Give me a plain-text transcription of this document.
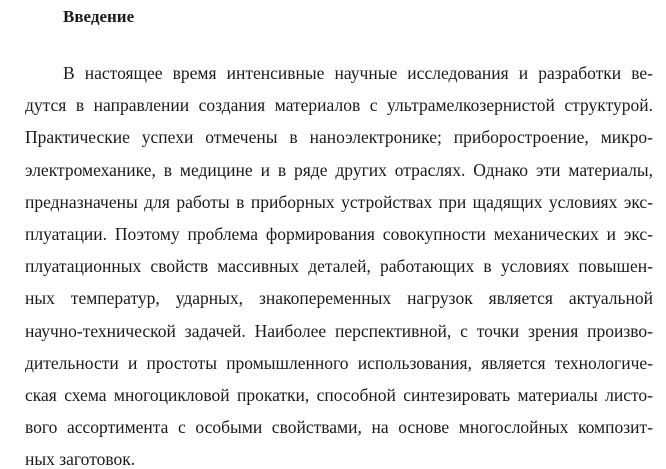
Введение

В настоящее время интенсивные научные исследования и разработки ве-

дутся в направлении создания материалов с ультрамелкозернистой структурой.

Практические успехи отмечены в наноэлектронике; приборостроение, микро-

электромеханике, в медицине и в ряде других отраслях. Однако эти материалы,

предназначены для работы в приборных устройствах при щадящих условиях экс-

плуатации. Поэтому проблема формирования совокупности механических и экс-

плуатационных свойств массивных деталей, работающих в условиях повышен-

ных температур, ударных, знакопеременных нагрузок является актуальной

научно-технической задачей. Наиболее перспективной, с точки зрения произво-

дительности и простоты промышленного использования, является технологиче-

ская схема многоцикловой прокатки, способной синтезировать материалы листо-

вого ассортимента с особыми свойствами, на основе многослойных композит-

ных заготовок.
